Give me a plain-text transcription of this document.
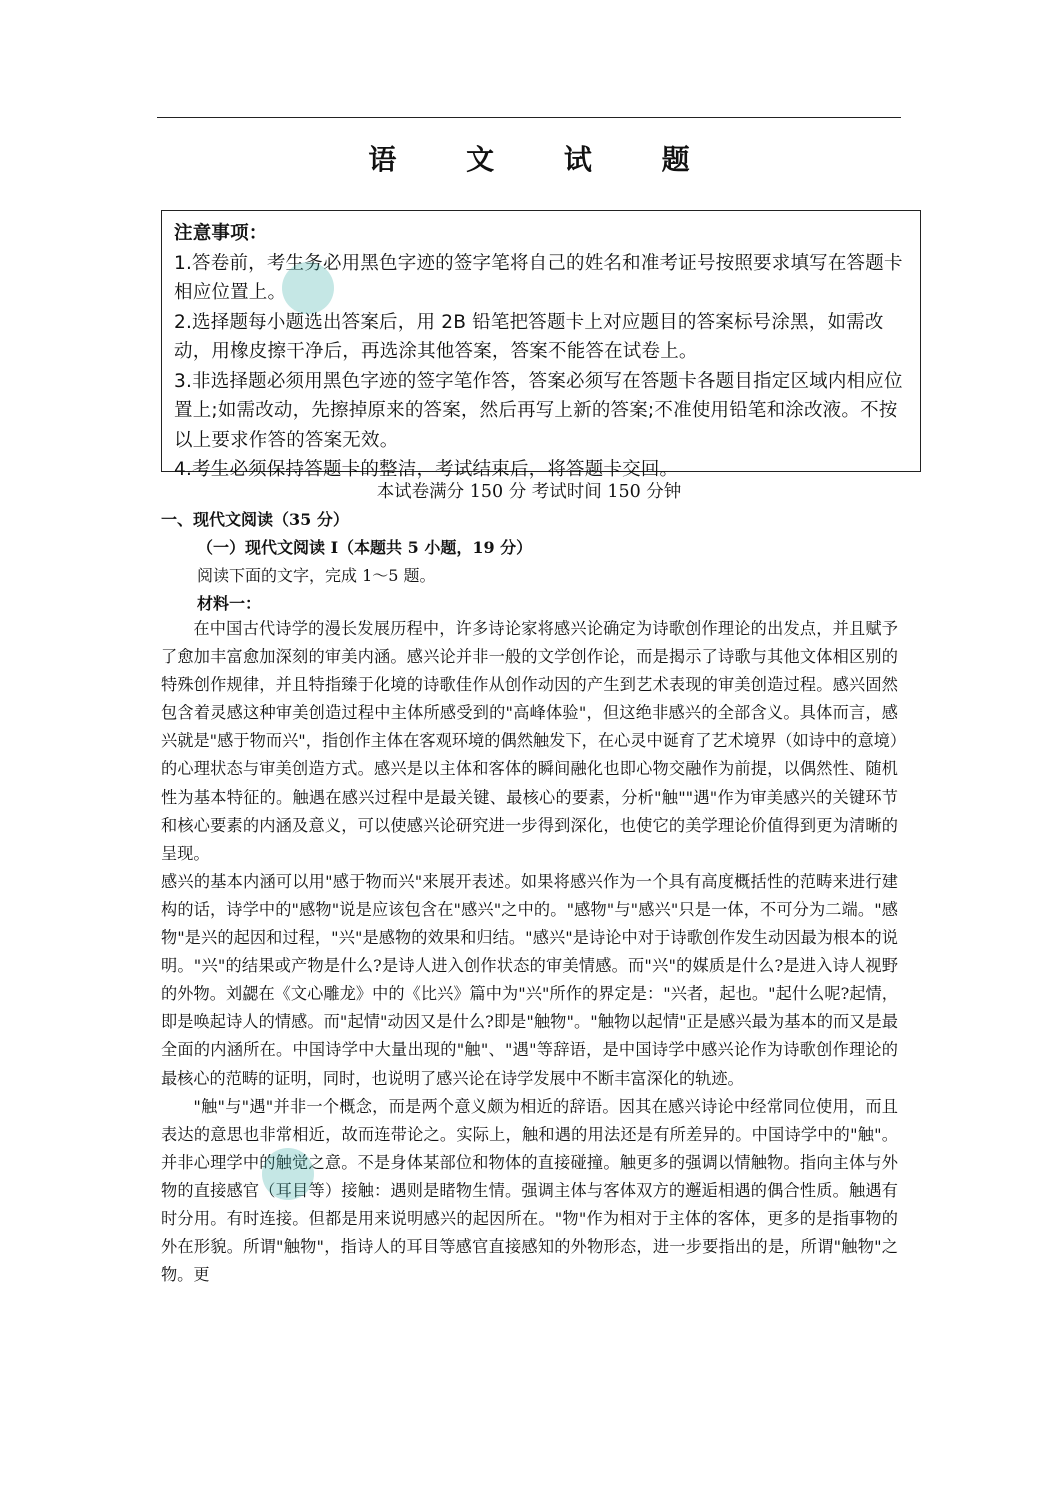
语 文 试 题
注意事项：

1.答卷前，考生务必用黑色字迹的签字笔将自己的姓名和准考证号按照要求填写在答题卡相应位置上。

2.选择题每小题选出答案后，用 2B 铅笔把答题卡上对应题目的答案标号涂黑，如需改动，用橡皮擦干净后，再选涂其他答案，答案不能答在试卷上。

3.非选择题必须用黑色字迹的签字笔作答，答案必须写在答题卡各题目指定区域内相应位置上;如需改动，先擦掉原来的答案，然后再写上新的答案;不准使用铅笔和涂改液。不按以上要求作答的答案无效。

4.考生必须保持答题卡的整洁，考试结束后，将答题卡交回。

本试卷满分 150 分 考试时间 150 分钟
一、现代文阅读（35 分）
（一）现代文阅读 I（本题共 5 小题，19 分）
阅读下面的文字，完成 1～5 题。
材料一：

在中国古代诗学的漫长发展历程中，许多诗论家将感兴论确定为诗歌创作理论的出发点，并且赋予了愈加丰富愈加深刻的审美内涵。感兴论并非一般的文学创作论，而是揭示了诗歌与其他文体相区别的特殊创作规律，并且特指臻于化境的诗歌佳作从创作动因的产生到艺术表现的审美创造过程。感兴固然包含着灵感这种审美创造过程中主体所感受到的"高峰体验"，但这绝非感兴的全部含义。具体而言，感兴就是"感于物而兴"，指创作主体在客观环境的偶然触发下，在心灵中诞育了艺术境界（如诗中的意境）的心理状态与审美创造方式。感兴是以主体和客体的瞬间融化也即心物交融作为前提，以偶然性、随机性为基本特征的。触遇在感兴过程中是最关键、最核心的要素，分析"触""遇"作为审美感兴的关键环节和核心要素的内涵及意义，可以使感兴论研究进一步得到深化，也使它的美学理论价值得到更为清晰的呈现。

感兴的基本内涵可以用"感于物而兴"来展开表述。如果将感兴作为一个具有高度概括性的范畴来进行建构的话，诗学中的"感物"说是应该包含在"感兴"之中的。"感物"与"感兴"只是一体，不可分为二端。"感物"是兴的起因和过程，"兴"是感物的效果和归结。"感兴"是诗论中对于诗歌创作发生动因最为根本的说明。"兴"的结果或产物是什么?是诗人进入创作状态的审美情感。而"兴"的媒质是什么?是进入诗人视野的外物。刘勰在《文心雕龙》中的《比兴》篇中为"兴"所作的界定是："兴者，起也。"起什么呢?起情，即是唤起诗人的情感。而"起情"动因又是什么?即是"触物"。"触物以起情"正是感兴最为基本的而又是最全面的内涵所在。中国诗学中大量出现的"触"、"遇"等辞语，是中国诗学中感兴论作为诗歌创作理论的最核心的范畴的证明，同时，也说明了感兴论在诗学发展中不断丰富深化的轨迹。

"触"与"遇"并非一个概念，而是两个意义颇为相近的辞语。因其在感兴诗论中经常同位使用，而且表达的意思也非常相近，故而连带论之。实际上，触和遇的用法还是有所差异的。中国诗学中的"触"。并非心理学中的触觉之意。不是身体某部位和物体的直接碰撞。触更多的强调以情触物。指向主体与外物的直接感官（耳目等）接触：遇则是睹物生情。强调主体与客体双方的邂逅相遇的偶合性质。触遇有时分用。有时连接。但都是用来说明感兴的起因所在。"物"作为相对于主体的客体，更多的是指事物的外在形貌。所谓"触物"，指诗人的耳目等感官直接感知的外物形态，进一步要指出的是，所谓"触物"之物。更
